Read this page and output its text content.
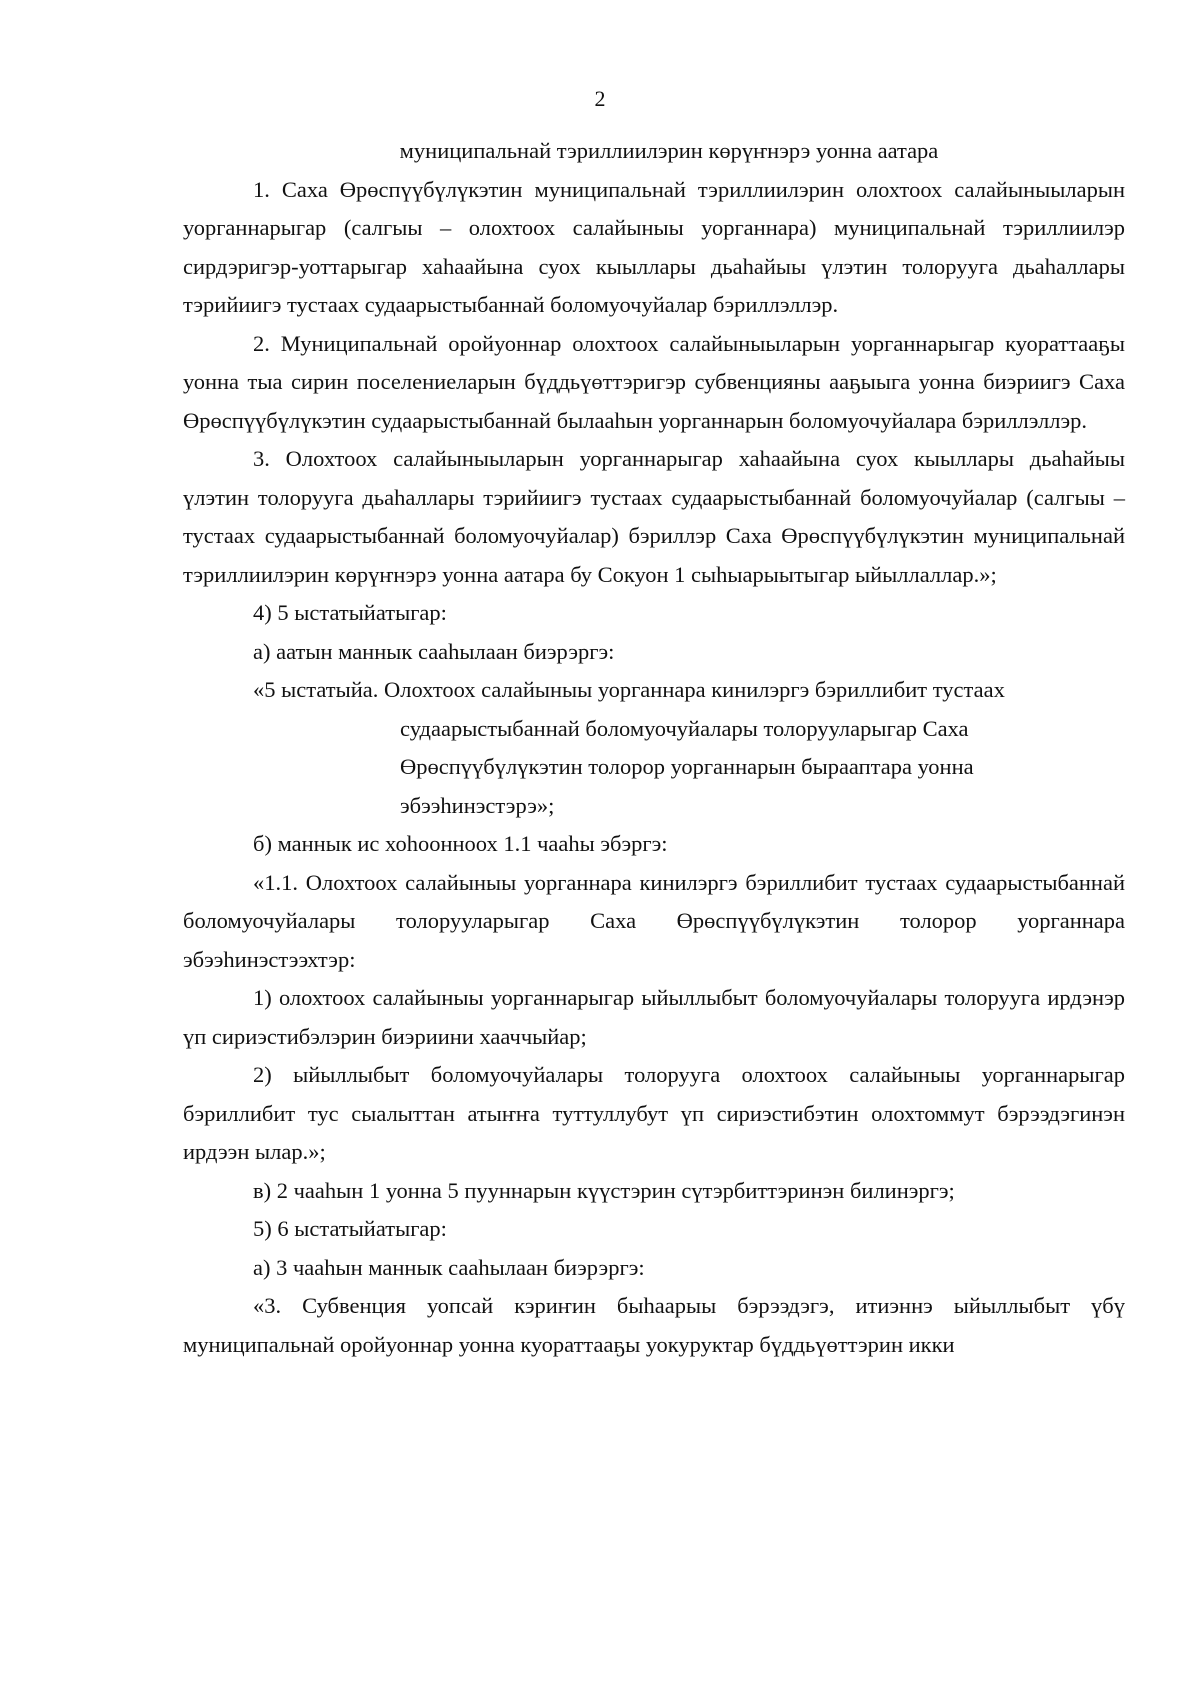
2

муниципальнай тэриллиилэрин көрүҥнэрэ уонна аатара

1. Саха Өрөспүүбүлүкэтин муниципальнай тэриллиилэрин олохтоох салайыныыларын уорганнарыгар (салгыы – олохтоох салайыныы уорганнара) муниципальнай тэриллиилэр сирдэригэр-уоттарыгар хаһаайына суох кыыллары дьаһайыы үлэтин толоруугa дьаһаллары тэрийиигэ тустаах судаарыстыбаннай боломуочуйалар бэриллэллэр.

2. Муниципальнай оройуоннар олохтоох салайыныыларын уорганнарыгар куораттааҕы уонна тыа сирин поселениеларын бүддьүөттэригэр субвенцияны ааҕыыга уонна биэриигэ Саха Өрөспүүбүлүкэтин судаарыстыбаннай былааһын уорганнарын боломуочуйалара бэриллэллэр.

3. Олохтоох салайыныыларын уорганнарыгар хаһаайына суох кыыллары дьаһайыы үлэтин толоруугa дьаһаллары тэрийиигэ тустаах судаарыстыбаннай боломуочуйалар (салгыы – тустаах судаарыстыбаннай боломуочуйалар) бэриллэр Саха Өрөспүүбүлүкэтин муниципальнай тэриллиилэрин көрүҥнэрэ уонна аатара бу Сокуон 1 сыһыарыытыгар ыйыллаллар.»;

4) 5 ыстатыйатыгар:

а) аатын маннык сааһылаан биэрэргэ:

«5 ыстатыйа. Олохтоох салайыныы уорганнара кинилэргэ бэриллибит тустаах

судаарыстыбаннай боломуочуйалары толорууларыгар Саха

Өрөспүүбүлүкэтин толорор уорганнарын бырааптара уонна

эбээһинэстэрэ»;

б) маннык ис хоһоонноох 1.1 чааһы эбэргэ:

«1.1. Олохтоох салайыныы уорганнара кинилэргэ бэриллибит тустаах судаарыстыбаннай боломуочуйалары толорууларыгар Саха Өрөспүүбүлүкэтин толорор уорганнара эбээһинэстээхтэр:

1) олохтоох салайыныы уорганнарыгар ыйыллыбыт боломуочуйалары толорууга ирдэнэр үп сириэстибэлэрин биэриини хааччыйар;

2) ыйыллыбыт боломуочуйалары толорууга олохтоох салайыныы уорганнарыгар бэриллибит тус сыалыттан атыҥҥа туттуллубут үп сириэстибэтин олохтоммут бэрээдэгинэн ирдээн ылар.»;

в) 2 чааһын 1 уонна 5 пууннарын күүстэрин сүтэрбиттэринэн билинэргэ;

5) 6 ыстатыйатыгар:

а) 3 чааһын маннык сааһылаан биэрэргэ:

«3. Субвенция уопсай кэриҥин быһаарыы бэрээдэгэ, итиэннэ ыйыллыбыт үбү муниципальнай оройуоннар уонна куораттааҕы уокуруктар бүддьүөттэрин икки
